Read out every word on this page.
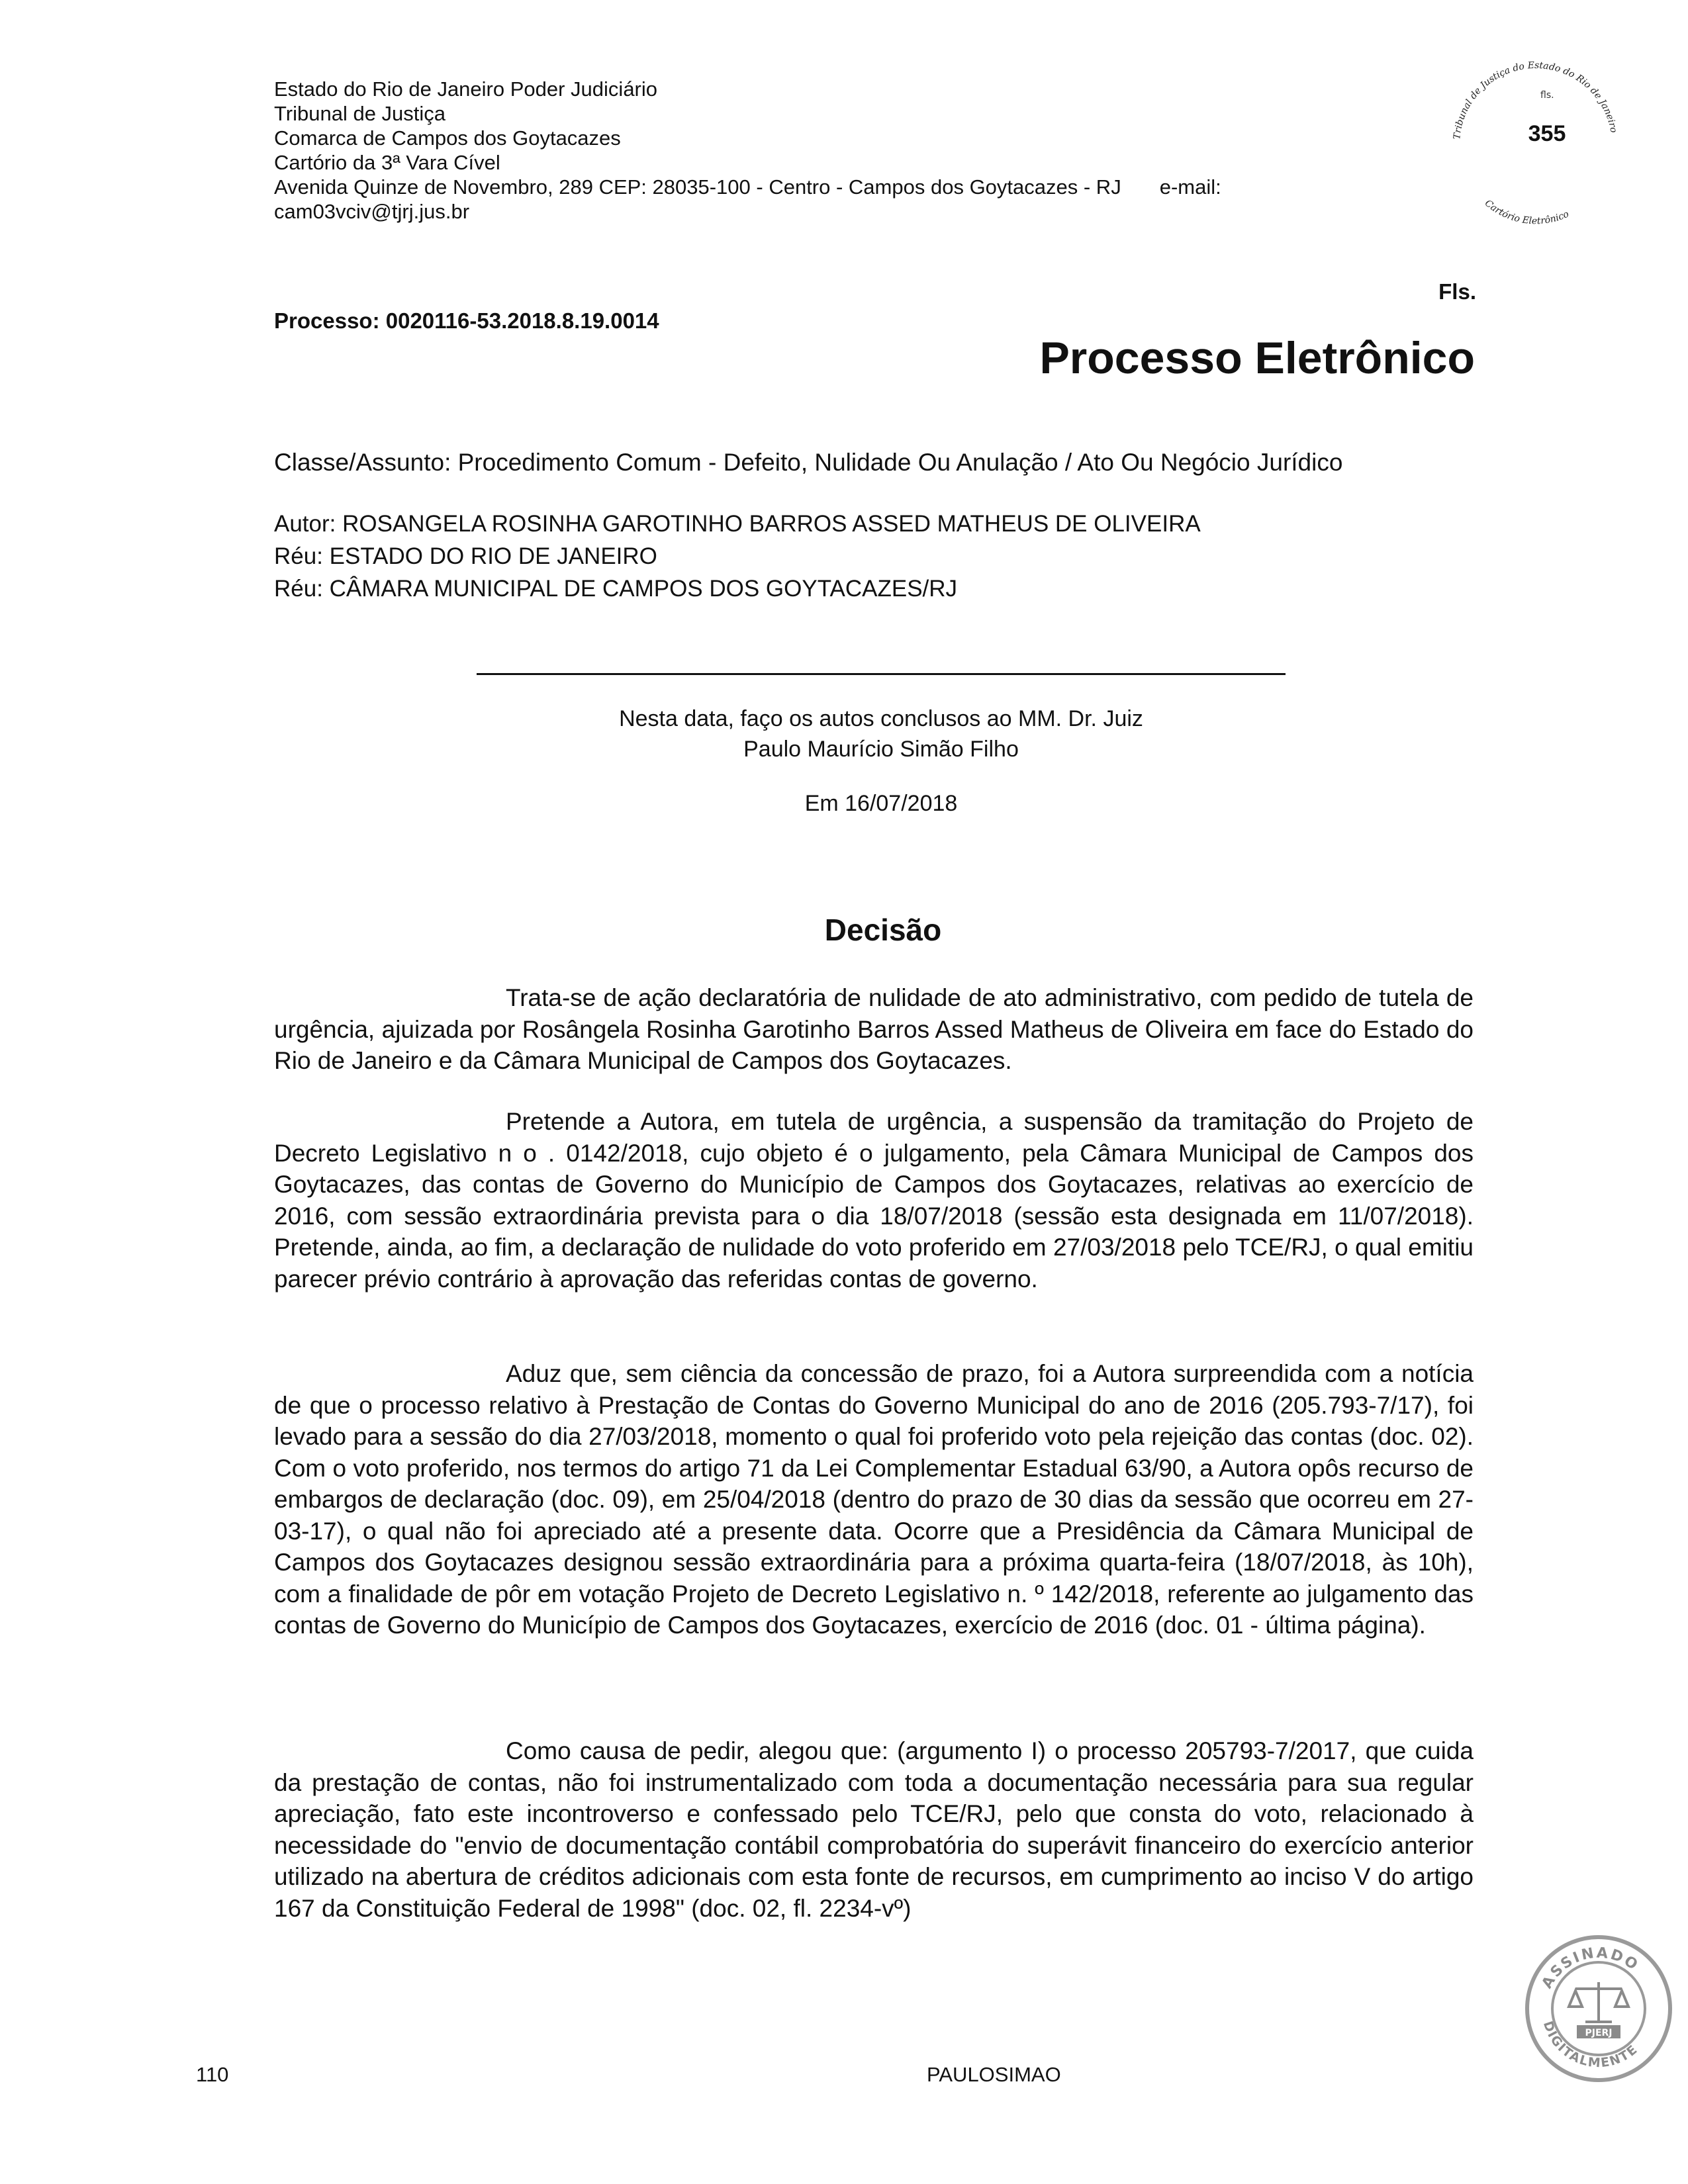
Estado do Rio de Janeiro Poder Judiciário
Tribunal de Justiça
Comarca de Campos dos Goytacazes
Cartório da 3ª Vara Cível
Avenida Quinze de Novembro, 289 CEP: 28035-100 - Centro - Campos dos Goytacazes - RJ e-mail:
cam03vciv@tjrj.jus.br
Tribunal de Justiça do Estado do Rio de Janeiro
Cartório Eletrônico
fls.
355
Fls.
Processo: 0020116-53.2018.8.19.0014
Processo Eletrônico
Classe/Assunto: Procedimento Comum - Defeito, Nulidade Ou Anulação / Ato Ou Negócio Jurídico
Autor: ROSANGELA ROSINHA GAROTINHO BARROS ASSED MATHEUS DE OLIVEIRA
Réu: ESTADO DO RIO DE JANEIRO
Réu: CÂMARA MUNICIPAL DE CAMPOS DOS GOYTACAZES/RJ
Nesta data, faço os autos conclusos ao MM. Dr. Juiz
Paulo Maurício Simão Filho
Em 16/07/2018
Decisão

Trata-se de ação declaratória de nulidade de ato administrativo, com pedido de tutela de urgência, ajuizada por Rosângela Rosinha Garotinho Barros Assed Matheus de Oliveira em face do Estado do Rio de Janeiro e da Câmara Municipal de Campos dos Goytacazes.

Pretende a Autora, em tutela de urgência, a suspensão da tramitação do Projeto de Decreto Legislativo n o . 0142/2018, cujo objeto é o julgamento, pela Câmara Municipal de Campos dos Goytacazes, das contas de Governo do Município de Campos dos Goytacazes, relativas ao exercício de 2016, com sessão extraordinária prevista para o dia 18/07/2018 (sessão esta designada em 11/07/2018). Pretende, ainda, ao fim, a declaração de nulidade do voto proferido em 27/03/2018 pelo TCE/RJ, o qual emitiu parecer prévio contrário à aprovação das referidas contas de governo.

Aduz que, sem ciência da concessão de prazo, foi a Autora surpreendida com a notícia de que o processo relativo à Prestação de Contas do Governo Municipal do ano de 2016 (205.793-7/17), foi levado para a sessão do dia 27/03/2018, momento o qual foi proferido voto pela rejeição das contas (doc. 02). Com o voto proferido, nos termos do artigo 71 da Lei Complementar Estadual 63/90, a Autora opôs recurso de embargos de declaração (doc. 09), em 25/04/2018 (dentro do prazo de 30 dias da sessão que ocorreu em 27-03-17), o qual não foi apreciado até a presente data. Ocorre que a Presidência da Câmara Municipal de Campos dos Goytacazes designou sessão extraordinária para a próxima quarta-feira (18/07/2018, às 10h), com a finalidade de pôr em votação Projeto de Decreto Legislativo n. º 142/2018, referente ao julgamento das contas de Governo do Município de Campos dos Goytacazes, exercício de 2016 (doc. 01 - última página).

Como causa de pedir, alegou que: (argumento I) o processo 205793-7/2017, que cuida da prestação de contas, não foi instrumentalizado com toda a documentação necessária para sua regular apreciação, fato este incontroverso e confessado pelo TCE/RJ, pelo que consta do voto, relacionado à necessidade do "envio de documentação contábil comprobatória do superávit financeiro do exercício anterior utilizado na abertura de créditos adicionais com esta fonte de recursos, em cumprimento ao inciso V do artigo 167 da Constituição Federal de 1998" (doc. 02, fl. 2234-vº)

ASSINADO
DIGITALMENTE
PJERJ
110	PAULOSIMAO
